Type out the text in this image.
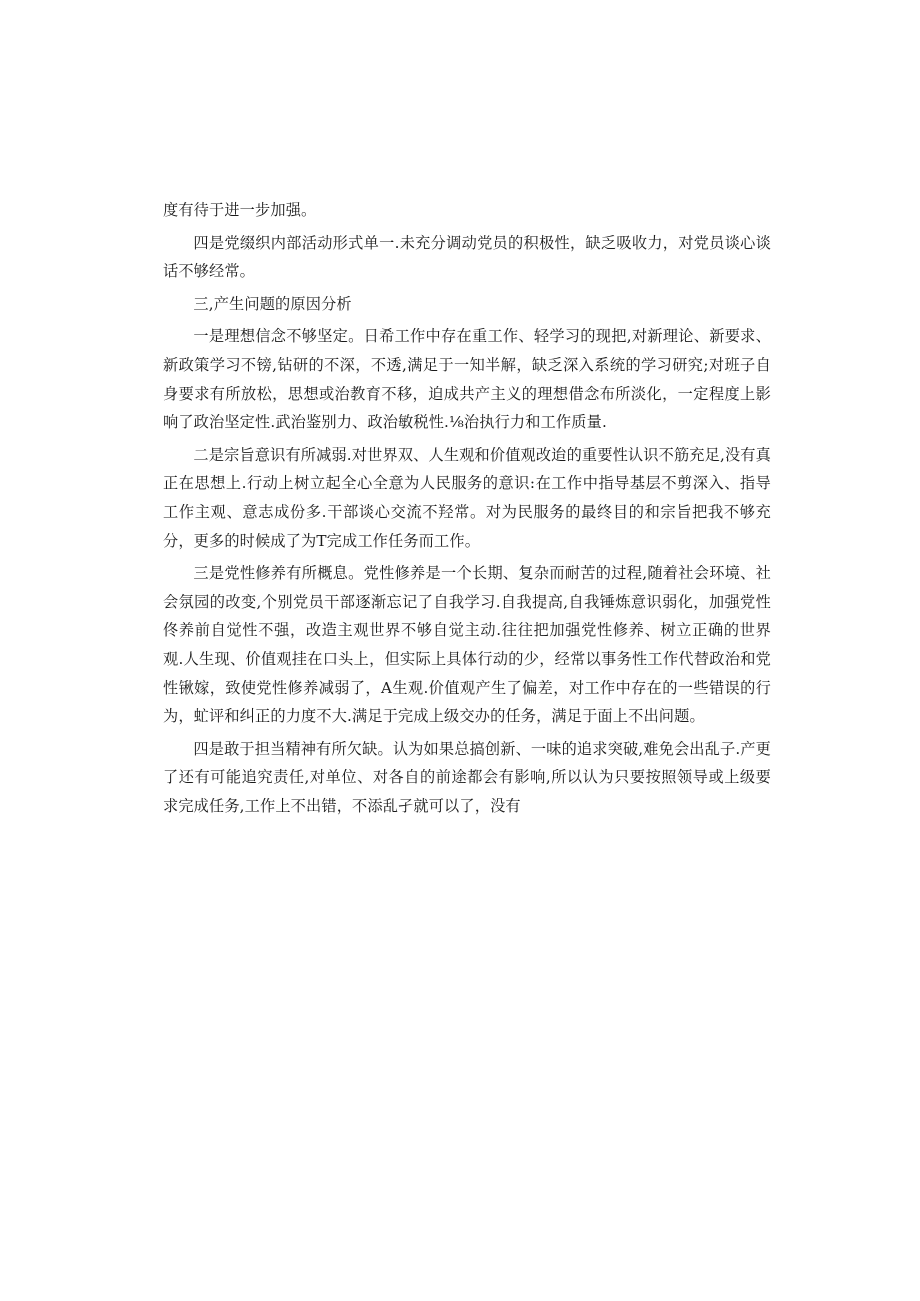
度有待于进一步加强。

四是党缀织内部活动形式单一.未充分调动党员的积极性，缺乏吸收力，对党员谈心谈话不够经常。

三,产生问题的原因分析

一是理想信念不够坚定。日希工作中存在重工作、轻学习的现把,对新理论、新要求、新政策学习不镑,钻研的不深，不透,满足于一知半解，缺乏深入系统的学习研究;对班子自身要求有所放松，思想或治教育不移，迫成共产主义的理想借念布所淡化，一定程度上影响了政治坚定性.武治鉴别力、政治敏税性.⅛治执行力和工作质量.

二是宗旨意识有所减弱.对世界双、人生观和价值观改迨的重要性认识不筋充足,没有真正在思想上.行动上树立起全心全意为人民服务的意识:在工作中指导基层不剪深入、指导工作主观、意志成份多.干部谈心交流不羟常。对为民服务的最终目的和宗旨把我不够充分，更多的时候成了为T完成工作任务而工作。

三是党性修养有所概息。党性修养是一个长期、复杂而耐苦的过程,随着社会环境、社会氛园的改变,个别党员干部逐渐忘记了自我学习.自我提高,自我锤炼意识弱化，加强党性佟养前自觉性不强，改造主观世界不够自觉主动.往往把加强党性修养、树立正确的世界观.人生现、价值观挂在口头上，但实际上具体行动的少，经常以事务性工作代替政治和党性锹嫁，致使党性修养减弱了，A生观.价值观产生了偏差，对工作中存在的一些错误的行为，虻评和纠正的力度不大.满足于完成上级交办的任务，满足于面上不出问题。

四是敢于担当精神有所欠缺。认为如果总搞创新、一味的追求突破,难免会出乱子.产更了还有可能追究责任,对单位、对各自的前途都会有影响,所以认为只要按照领导或上级要求完成任务,工作上不出错，不添乱孑就可以了，没有
